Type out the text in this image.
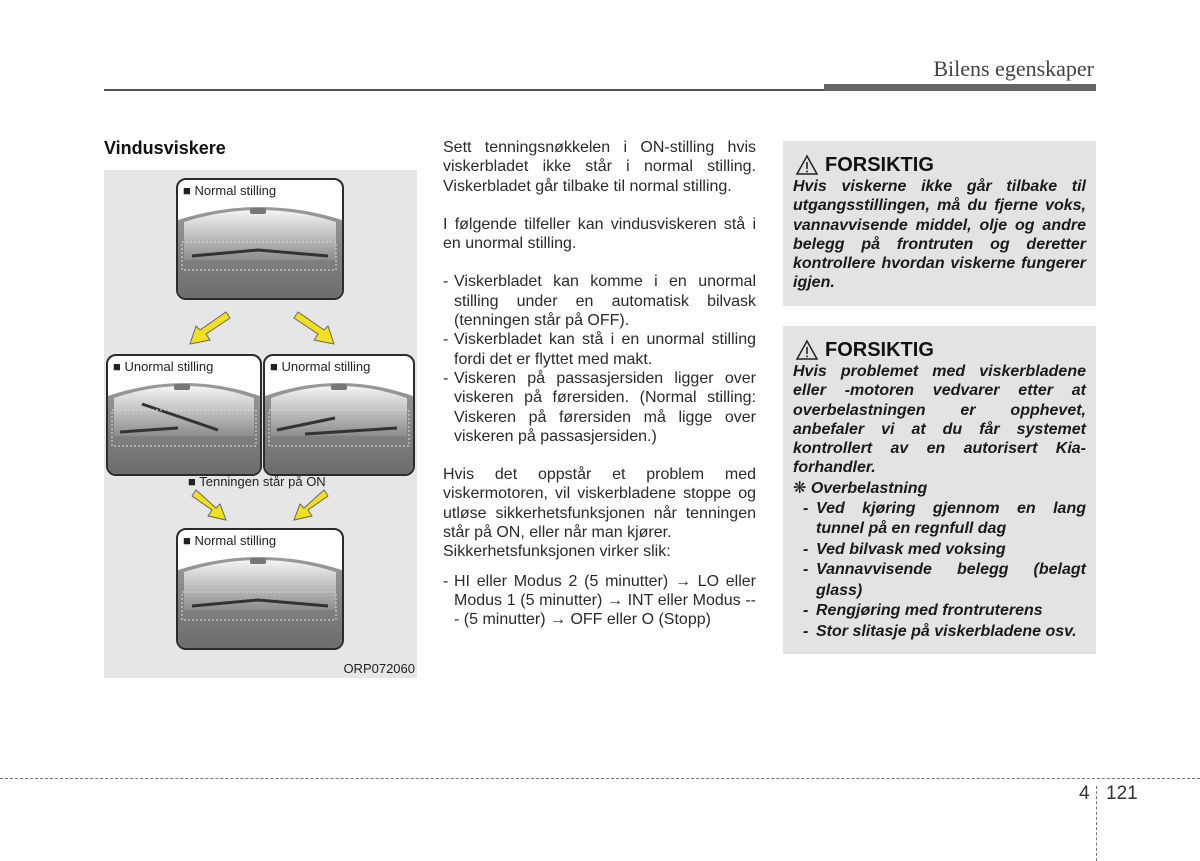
Bilens egenskaper
Vindusviskere
■ Normal stilling
■ Unormal stilling	■ Unormal stilling
■ Tenningen står på ON
■ Normal stilling
ORP072060

Sett tenningsnøkkelen i ON-stilling hvis viskerbladet ikke står i normal stilling. Viskerbladet går tilbake til normal stilling.

I følgende tilfeller kan vindusviskeren stå i en unormal stilling.

- Viskerbladet kan komme i en unormal stilling under en automatisk bilvask (tenningen står på OFF).
- Viskerbladet kan stå i en unormal stilling fordi det er flyttet med makt.
- Viskeren på passasjersiden ligger over viskeren på førersiden. (Normal stilling: Viskeren på førersiden må ligge over viskeren på passasjersiden.)

Hvis det oppstår et problem med viskermotoren, vil viskerbladene stoppe og utløse sikkerhetsfunksjonen når tenningen står på ON, eller når man kjører.

Sikkerhetsfunksjonen virker slik:

- HI eller Modus 2 (5 minutter) → LO eller Modus 1 (5 minutter) → INT eller Modus --- (5 minutter) → OFF eller O (Stopp)
FORSIKTIG
Hvis viskerne ikke går tilbake til utgangsstillingen, må du fjerne voks, vannavvisende middel, olje og andre belegg på frontruten og deretter kontrollere hvordan viskerne fungerer igjen.
FORSIKTIG
Hvis problemet med viskerbladene eller -motoren vedvarer etter at overbelastningen er opphevet, anbefaler vi at du får systemet kontrollert av en autorisert Kia-forhandler.
❋ Overbelastning
- Ved kjøring gjennom en lang tunnel på en regnfull dag
- Ved bilvask med voksing
- Vannavvisende belegg (belagt glass)
- Rengjøring med frontruterens
- Stor slitasje på viskerbladene osv.
4 121
